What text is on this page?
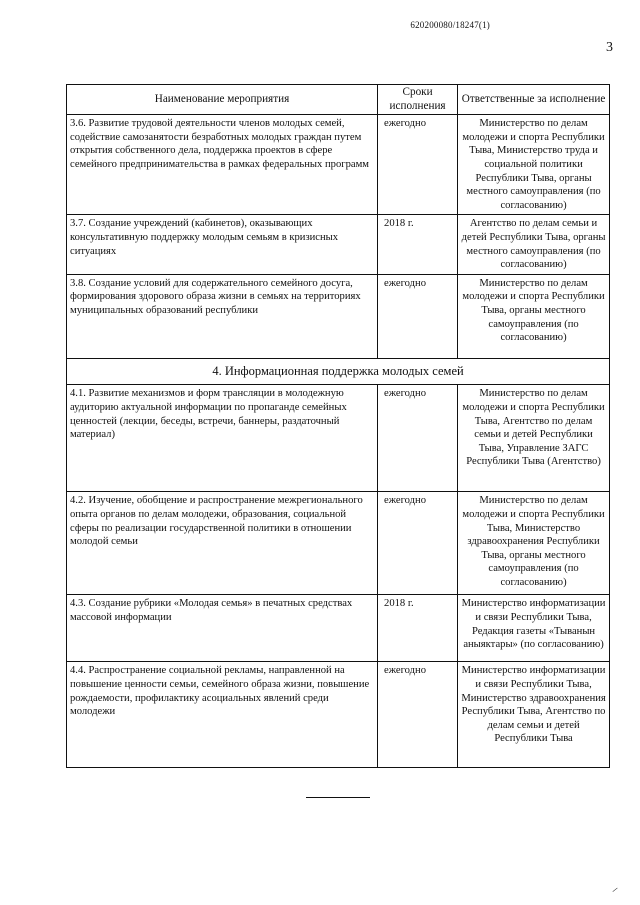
620200080/18247(1)
3
Наименование мероприятия	Сроки исполнения	Ответственные за исполнение
3.6. Развитие трудовой деятельности членов молодых семей, содействие самозанятости безработных молодых граждан путем открытия собственного дела, поддержка проектов в сфере семейного предпринимательства в рамках федеральных программ	ежегодно	Министерство по делам молодежи и спорта Республики Тыва, Министерство труда и социальной политики Республики Тыва, органы местного самоуправления (по согласованию)
3.7. Создание учреждений (кабинетов), оказывающих консультативную поддержку молодым семьям в кризисных ситуациях	2018 г.	Агентство по делам семьи и детей Республики Тыва, органы местного самоуправления (по согласованию)
3.8. Создание условий для содержательного семейного досуга, формирования здорового образа жизни в семьях на территориях муниципальных образований республики	ежегодно	Министерство по делам молодежи и спорта Республики Тыва, органы местного самоуправления (по согласованию)
4. Информационная поддержка молодых семей		
4.1. Развитие механизмов и форм трансляции в молодежную аудиторию актуальной информации по пропаганде семейных ценностей (лекции, беседы, встречи, баннеры, раздаточный материал)	ежегодно	Министерство по делам молодежи и спорта Республики Тыва, Агентство по делам семьи и детей Республики Тыва, Управление ЗАГС Республики Тыва (Агентство)
4.2. Изучение, обобщение и распространение межрегионального опыта органов по делам молодежи, образования, социальной сферы по реализации государственной политики в отношении молодой семьи	ежегодно	Министерство по делам молодежи и спорта Республики Тыва, Министерство здравоохранения Республики Тыва, органы местного самоуправления (по согласованию)
4.3. Создание рубрики «Молодая семья» в печатных средствах массовой информации	2018 г.	Министерство информатизации и связи Республики Тыва, Редакция газеты «Тыванын аныяктары» (по согласованию)
4.4. Распространение социальной рекламы, направленной на повышение ценности семьи, семейного образа жизни, повышение рождаемости, профилактику асоциальных явлений среди молодежи	ежегодно	Министерство информатизации и связи Республики Тыва, Министерство здравоохранения Республики Тыва, Агентство по делам семьи и детей Республики Тыва
⸝
